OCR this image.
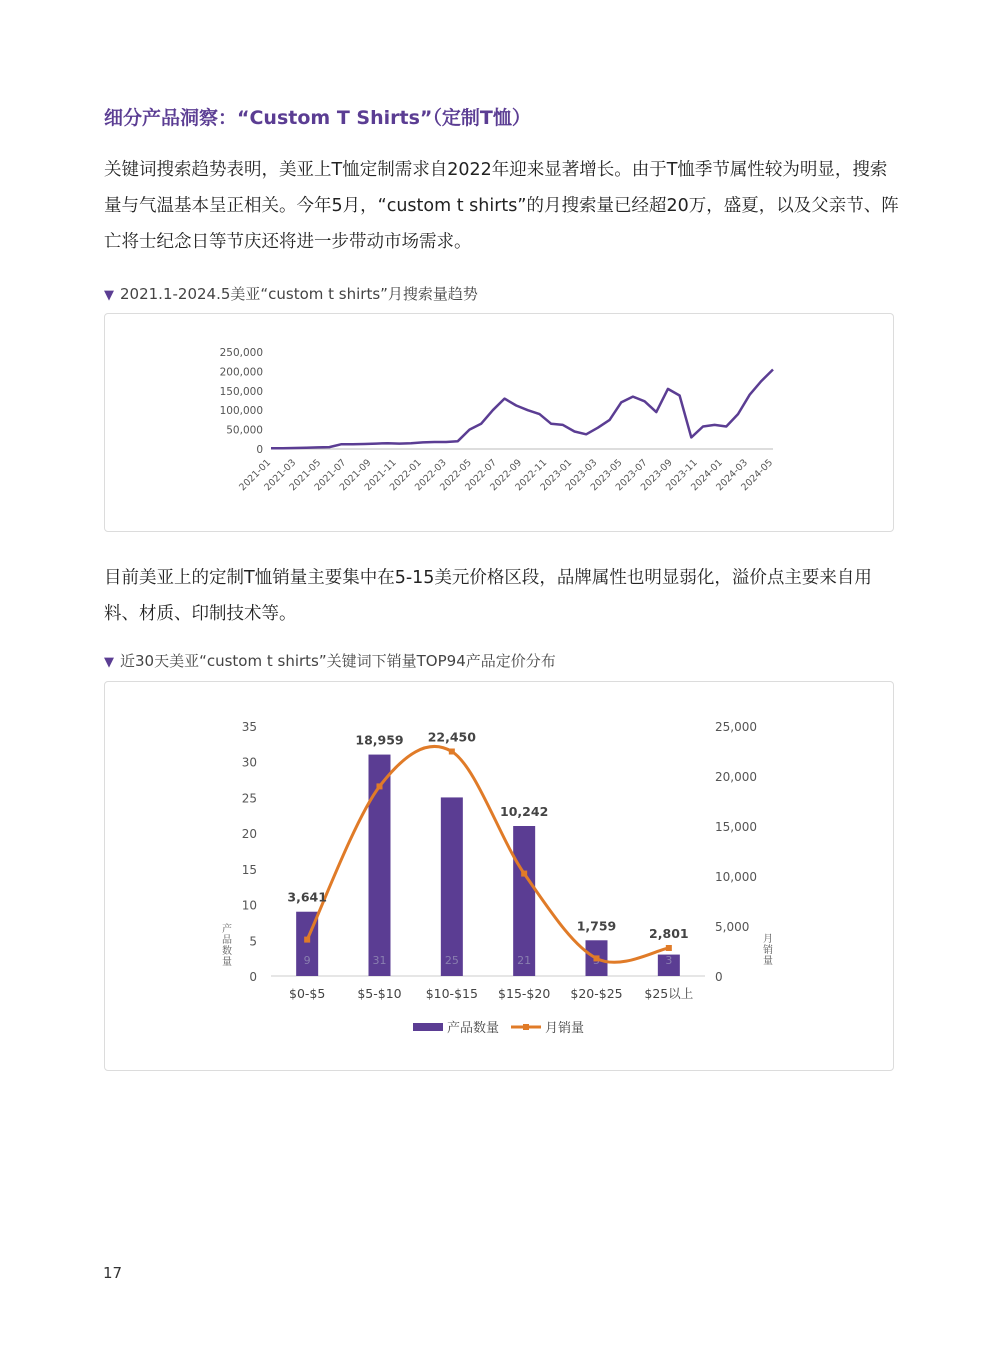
细分产品洞察：“Custom T Shirts”（定制T恤）
关键词搜索趋势表明，美亚上T恤定制需求自2022年迎来显著增长。由于T恤季节属性较为明显，搜索量与气温基本呈正相关。今年5月，“custom t shirts”的月搜索量已经超20万，盛夏，以及父亲节、阵亡将士纪念日等节庆还将进一步带动市场需求。
▼ 2021.1-2024.5美亚“custom t shirts”月搜索量趋势
0
50,000
100,000
150,000
200,000
250,000
2021-01
2021-03
2021-05
2021-07
2021-09
2021-11
2022-01
2022-03
2022-05
2022-07
2022-09
2022-11
2023-01
2023-03
2023-05
2023-07
2023-09
2023-11
2024-01
2024-03
2024-05
目前美亚上的定制T恤销量主要集中在5-15美元价格区段，品牌属性也明显弱化，溢价点主要来自用料、材质、印制技术等。
▼ 近30天美亚“custom t shirts”关键词下销量TOP94产品定价分布
0
5
10
15
20
25
30
35
0
5,000
10,000
15,000
20,000
25,000
产
品
数
量
月
销
量
9	31	25	21	3
3,641
18,959 22,450
10,242
1,759
2,801
$0-$5	$5-$10 $10-$15 $15-$20 $20-$25 $25以上
产品数量	月销量
17
